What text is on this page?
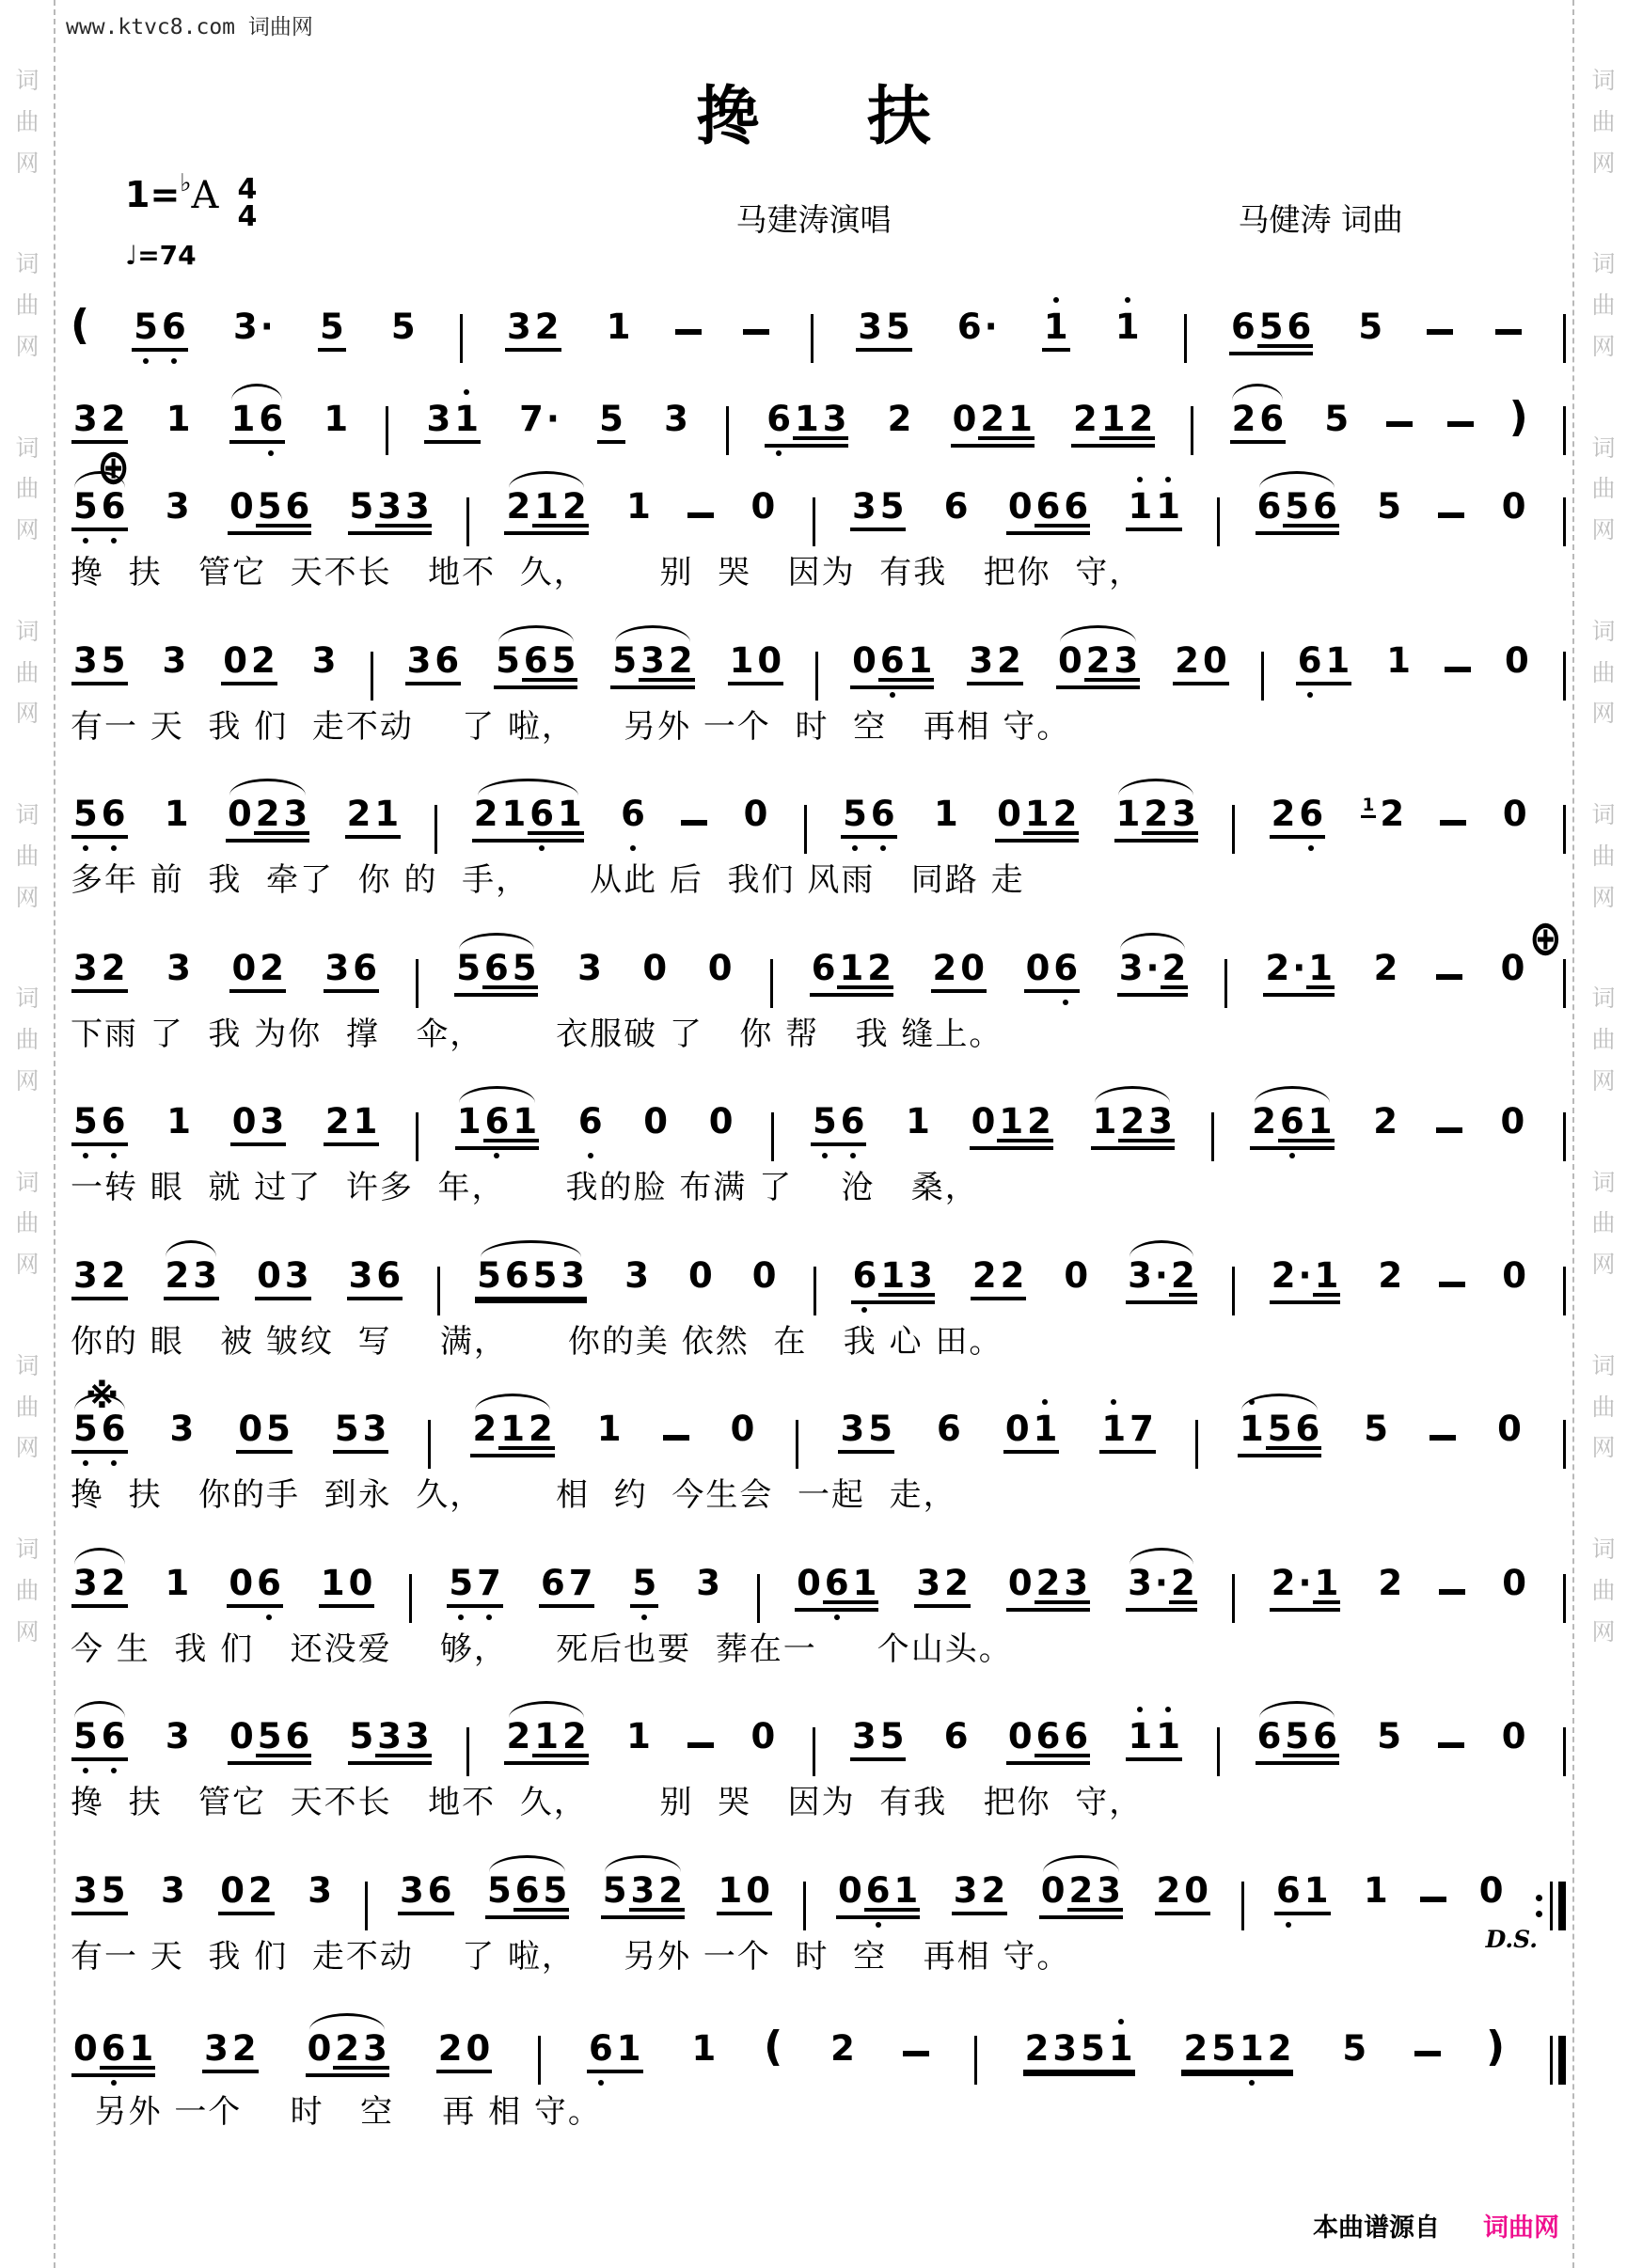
词
曲
网
词
曲
网
词
曲
网
词
曲
网
词
曲
网
词
曲
网
词
曲
网
词
曲
网
词
曲
网
词
曲
网
词
曲
网
词
曲
网
词
曲
网
词
曲
网
词
曲
网
词
曲
网
词
曲
网
词
曲
网
www.ktvc8.com 词曲网
搀 扶
1= ♭ A 4
4
♩=74
马建涛演唱	马健涛 词曲
( 5 6 3· 5 5	3 2 1	3 5 6· 1 1	6 5 6 5
3 2 1 1 6 1 3 1 7· 5 3 6 1 3 2 0 2 1 2 1 2 2 6 5	)
⊕
5 6 3 0 5 6 5 3 3 2 1 2 1	0 3 5 6 0 6 6 1 1 6 5 6 5	0
搀  扶   管它  天不长   地不  久，      别  哭   因为  有我   把你  守，
3 5 3 0 2 3 3 6 5 6 5 5 3 2 1 0 0 6 1 3 2 0 2 3 2 0 6 1 1	0
有一 天  我 们  走不动    了 啦，    另外 一个  时  空   再相 守。
5 6 1 0 2 3 2 1 2 1 6 1 6	0 5 6 1 0 1 2 1 2 3 2 6 1 2	0
多年 前  我  牵了  你 的  手，     从此 后  我们 风雨   同路 走
3 2 3 0 2 3 6 5 6 5 3 0 0 6 1 2 2 0 0 6 3·2 2·1 2	0
下雨 了  我 为你  撑   伞，      衣服破 了   你 帮   我 缝上。
⊕
5 6 1 0 3 2 1 1 6 1 6 0 0 5 6 1 0 1 2 1 2 3 2 6 1 2	0
一转 眼  就 过了  许多  年，     我的脸 布满 了    沧   桑，
3 2 2 3 0 3 3 6 5 6 5 3 3 0 0 6 1 3 2 2 0 3·2 2·1 2	0
你的 眼   被 皱纹  写    满，     你的美 依然  在   我 心 田。
5 6 3 0 5 5 3 2 1 2 1	0 3 5 6 0 1 1 7 1 5 6 5	0
搀  扶   你的手  到永  久，      相  约  今生会  一起  走，
※
3 2 1 0 6 1 0 5 7 6 7 5 3 0 6 1 3 2 0 2 3 3·2 2·1 2	0
今 生  我 们   还没爱    够，    死后也要  葬在一     个山头。
5 6 3 0 5 6 5 3 3 2 1 2 1	0 3 5 6 0 6 6 1 1 6 5 6 5	0
搀  扶   管它  天不长   地不  久，      别  哭   因为  有我   把你  守，
3 5 3 0 2 3 3 6 5 6 5 5 3 2 1 0 0 6 1 3 2 0 2 3 2 0 6 1 1	0
有一 天  我 们  走不动    了 啦，    另外 一个  时  空   再相 守。	D.S.
0 6 1 3 2 0 2 3 2 0	6 1 1 ( 2	2 3 5 1 2 5 1 2 5	)
另外 一个    时   空    再 相 守。
本曲谱源自 词曲网
